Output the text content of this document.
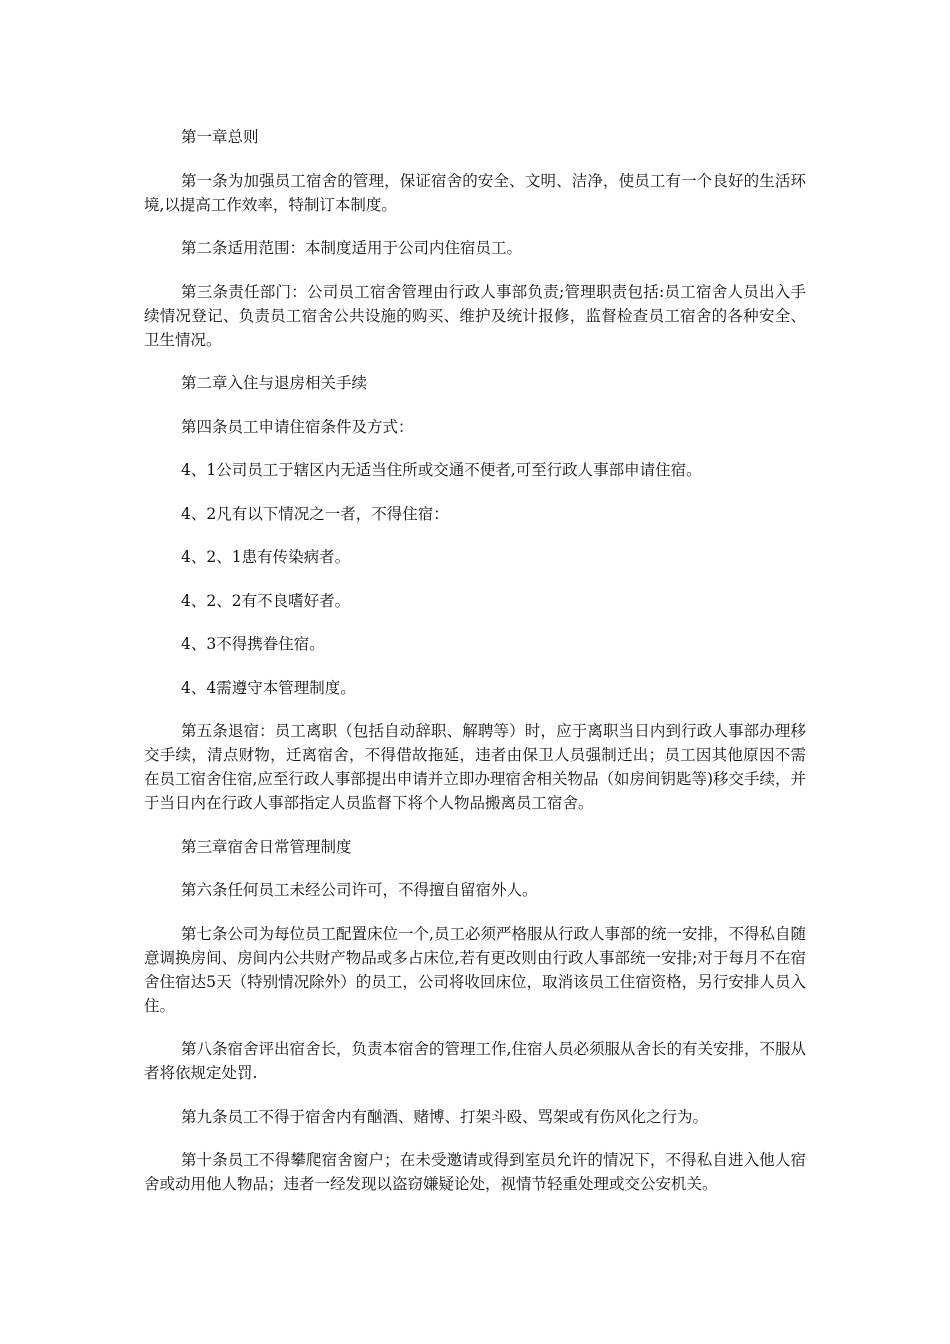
第一章总则

第一条为加强员工宿舍的管理，保证宿舍的安全、文明、洁净，使员工有一个良好的生活环境,以提高工作效率，特制订本制度。

第二条适用范围：本制度适用于公司内住宿员工。

第三条责任部门：公司员工宿舍管理由行政人事部负责;管理职责包括:员工宿舍人员出入手续情况登记、负责员工宿舍公共设施的购买、维护及统计报修，监督检查员工宿舍的各种安全、卫生情况。

第二章入住与退房相关手续

第四条员工申请住宿条件及方式：

4、1公司员工于辖区内无适当住所或交通不便者,可至行政人事部申请住宿。

4、2凡有以下情况之一者，不得住宿：

4、2、1患有传染病者。

4、2、2有不良嗜好者。

4、3不得携眷住宿。

4、4需遵守本管理制度。

第五条退宿：员工离职（包括自动辞职、解聘等）时，应于离职当日内到行政人事部办理移交手续，清点财物，迁离宿舍，不得借故拖延，违者由保卫人员强制迁出；员工因其他原因不需在员工宿舍住宿,应至行政人事部提出申请并立即办理宿舍相关物品（如房间钥匙等)移交手续，并于当日内在行政人事部指定人员监督下将个人物品搬离员工宿舍。

第三章宿舍日常管理制度

第六条任何员工未经公司许可，不得擅自留宿外人。

第七条公司为每位员工配置床位一个,员工必须严格服从行政人事部的统一安排，不得私自随意调换房间、房间内公共财产物品或多占床位,若有更改则由行政人事部统一安排;对于每月不在宿舍住宿达5天（特别情况除外）的员工，公司将收回床位，取消该员工住宿资格，另行安排人员入住。

第八条宿舍评出宿舍长，负责本宿舍的管理工作,住宿人员必须服从舍长的有关安排，不服从者将依规定处罚.

第九条员工不得于宿舍内有酗酒、赌博、打架斗殴、骂架或有伤风化之行为。

第十条员工不得攀爬宿舍窗户；在未受邀请或得到室员允许的情况下，不得私自进入他人宿舍或动用他人物品；违者一经发现以盗窃嫌疑论处，视情节轻重处理或交公安机关。
